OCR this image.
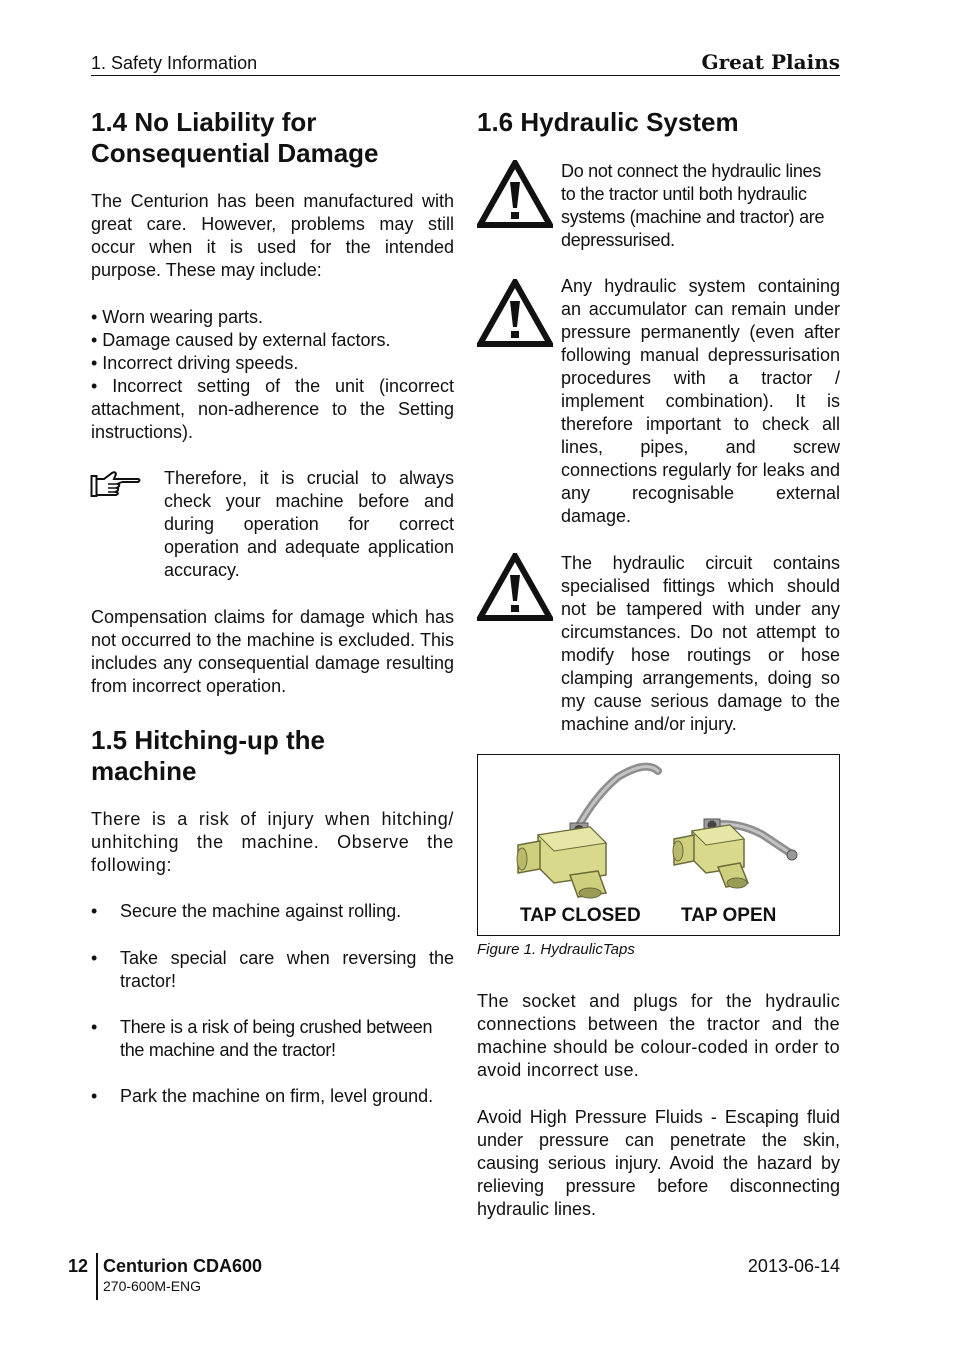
1. Safety Information	Great Plains
1.4 No Liability for
Consequential Damage

The Centurion has been manufactured with great care. However, problems may still occur when it is used for the intended purpose. These may include:

• Worn wearing parts.
• Damage caused by external factors.
• Incorrect driving speeds.
• Incorrect setting of the unit (incorrect attachment, non-adherence to the Setting instructions).

Therefore, it is crucial to always check your machine before and during operation for correct operation and adequate application accuracy.

Compensation claims for damage which has not occurred to the machine is excluded. This includes any consequential damage resulting from incorrect operation.

1.5 Hitching-up the
machine

There is a risk of injury when hitching/ unhitching the machine. Observe the following:

• Secure the machine against rolling.
• Take special care when reversing the tractor!
• There is a risk of being crushed between the machine and the tractor!
• Park the machine on firm, level ground.
1.6 Hydraulic System

Do not connect the hydraulic lines to the tractor until both hydraulic systems (machine and tractor) are depressurised.

Any hydraulic system containing an accumulator can remain under pressure permanently (even after following manual depressurisation procedures with a tractor / implement combination). It is therefore important to check all lines, pipes, and screw connections regularly for leaks and any recognisable external damage.

The hydraulic circuit contains specialised fittings which should not be tampered with under any circumstances. Do not attempt to modify hose routings or hose clamping arrangements, doing so my cause serious damage to the machine and/or injury.

TAP CLOSED TAP OPEN
Figure 1. HydraulicTaps

The socket and plugs for the hydraulic connections between the tractor and the machine should be colour-coded in order to avoid incorrect use.

Avoid High Pressure Fluids - Escaping fluid under pressure can penetrate the skin, causing serious injury. Avoid the hazard by relieving pressure before disconnecting hydraulic lines.

12 Centurion CDA600
270-600M-ENG
2013-06-14
